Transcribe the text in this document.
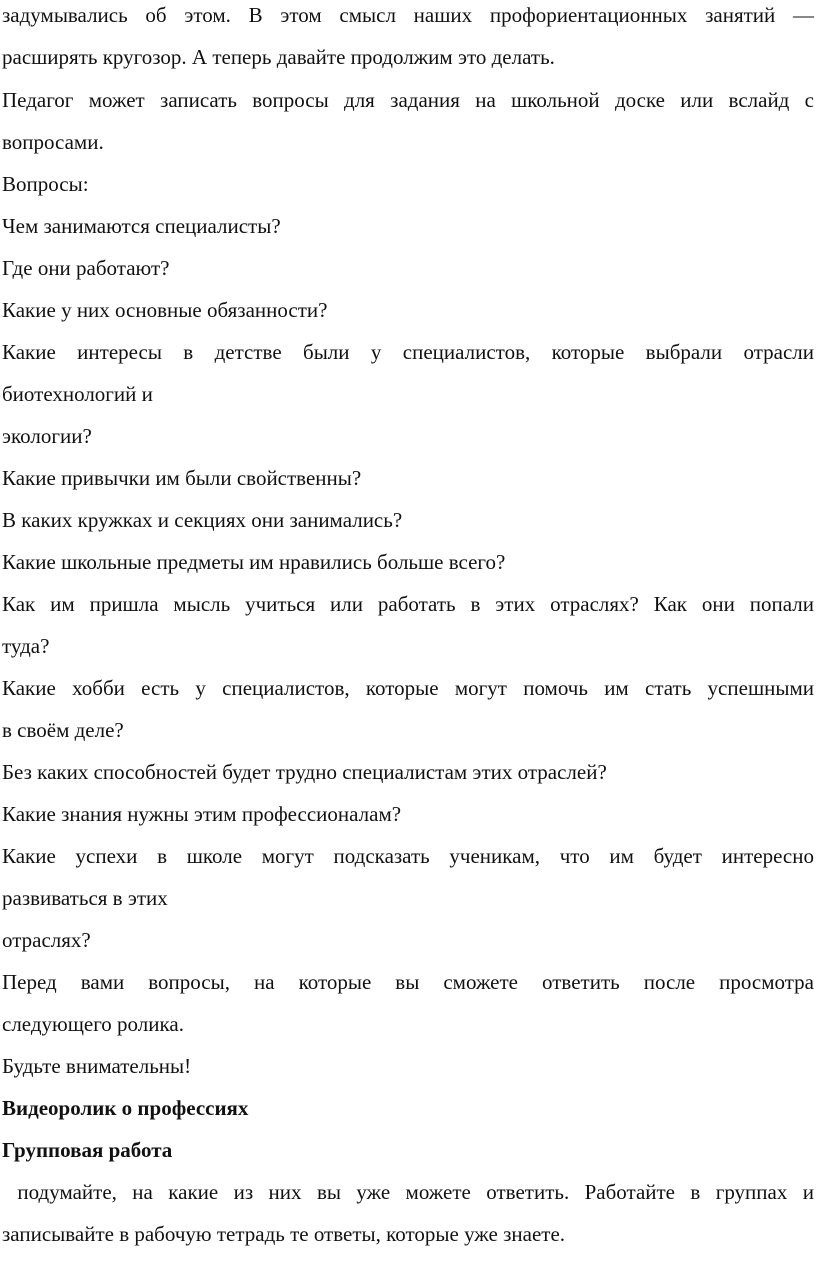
задумывались об этом. В этом смысл наших профориентационных занятий —
расширять кругозор. А теперь давайте продолжим это делать.
Педагог может записать вопросы для задания на школьной доске или вслайд с
вопросами.
Вопросы:
Чем занимаются специалисты?
Где они работают?
Какие у них основные обязанности?
Какие интересы в детстве были у специалистов, которые выбрали отрасли
биотехнологий и
экологии?
Какие привычки им были свойственны?
В каких кружках и секциях они занимались?
Какие школьные предметы им нравились больше всего?
Как им пришла мысль учиться или работать в этих отраслях? Как они попали
туда?
Какие хобби есть у специалистов, которые могут помочь им стать успешными
в своём деле?
Без каких способностей будет трудно специалистам этих отраслей?
Какие знания нужны этим профессионалам?
Какие успехи в школе могут подсказать ученикам, что им будет интересно
развиваться в этих
отраслях?
Перед вами вопросы, на которые вы сможете ответить после просмотра
следующего ролика.
Будьте внимательны!
Видеоролик о профессиях
Групповая работа
подумайте, на какие из них вы уже можете ответить. Работайте в группах и
записывайте в рабочую тетрадь те ответы, которые уже знаете.
